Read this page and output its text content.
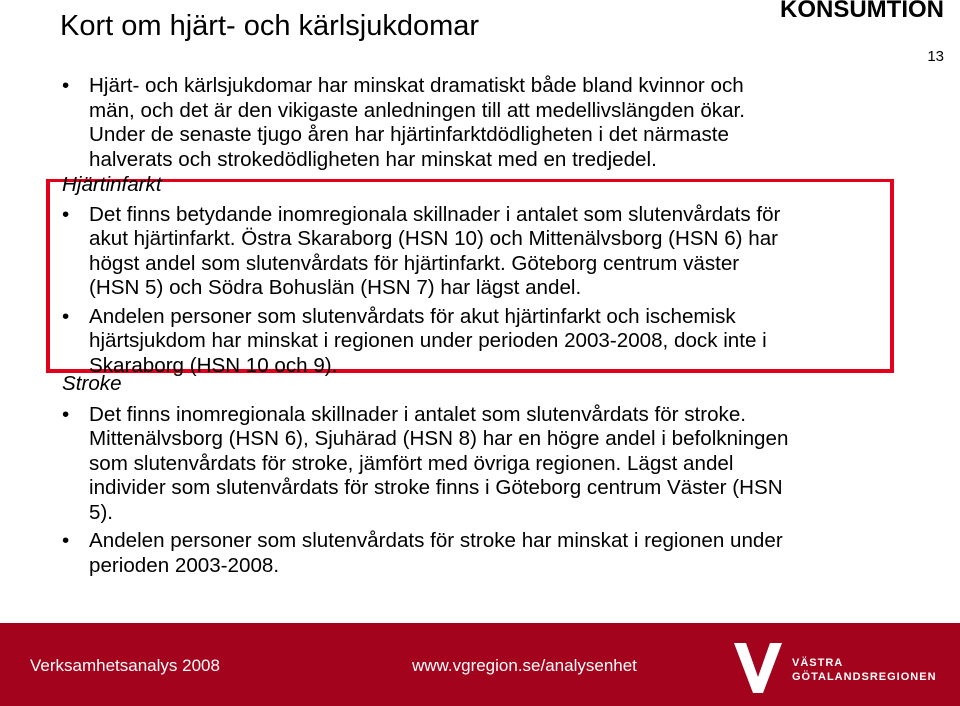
Kort om hjärt- och kärlsjukdomar
KONSUMTION
13
• Hjärt- och kärlsjukdomar har minskat dramatiskt både bland kvinnor och
män, och det är den vikigaste anledningen till att medellivslängden ökar.
Under de senaste tjugo åren har hjärtinfarktdödligheten i det närmaste
halverats och strokedödligheten har minskat med en tredjedel.
Hjärtinfarkt
• Det finns betydande inomregionala skillnader i antalet som slutenvårdats för
akut hjärtinfarkt. Östra Skaraborg (HSN 10) och Mittenälvsborg (HSN 6) har
högst andel som slutenvårdats för hjärtinfarkt. Göteborg centrum väster
(HSN 5) och Södra Bohuslän (HSN 7) har lägst andel.
• Andelen personer som slutenvårdats för akut hjärtinfarkt och ischemisk
hjärtsjukdom har minskat i regionen under perioden 2003-2008, dock inte i
Skaraborg (HSN 10 och 9).
Stroke
• Det finns inomregionala skillnader i antalet som slutenvårdats för stroke.
Mittenälvsborg (HSN 6), Sjuhärad (HSN 8) har en högre andel i befolkningen
som slutenvårdats för stroke, jämfört med övriga regionen. Lägst andel
individer som slutenvårdats för stroke finns i Göteborg centrum Väster (HSN
5).
• Andelen personer som slutenvårdats för stroke har minskat i regionen under
perioden 2003-2008.
Verksamhetsanalys 2008	www.vgregion.se/analysenhet	VÄSTRA
GÖTALANDSREGIONEN
